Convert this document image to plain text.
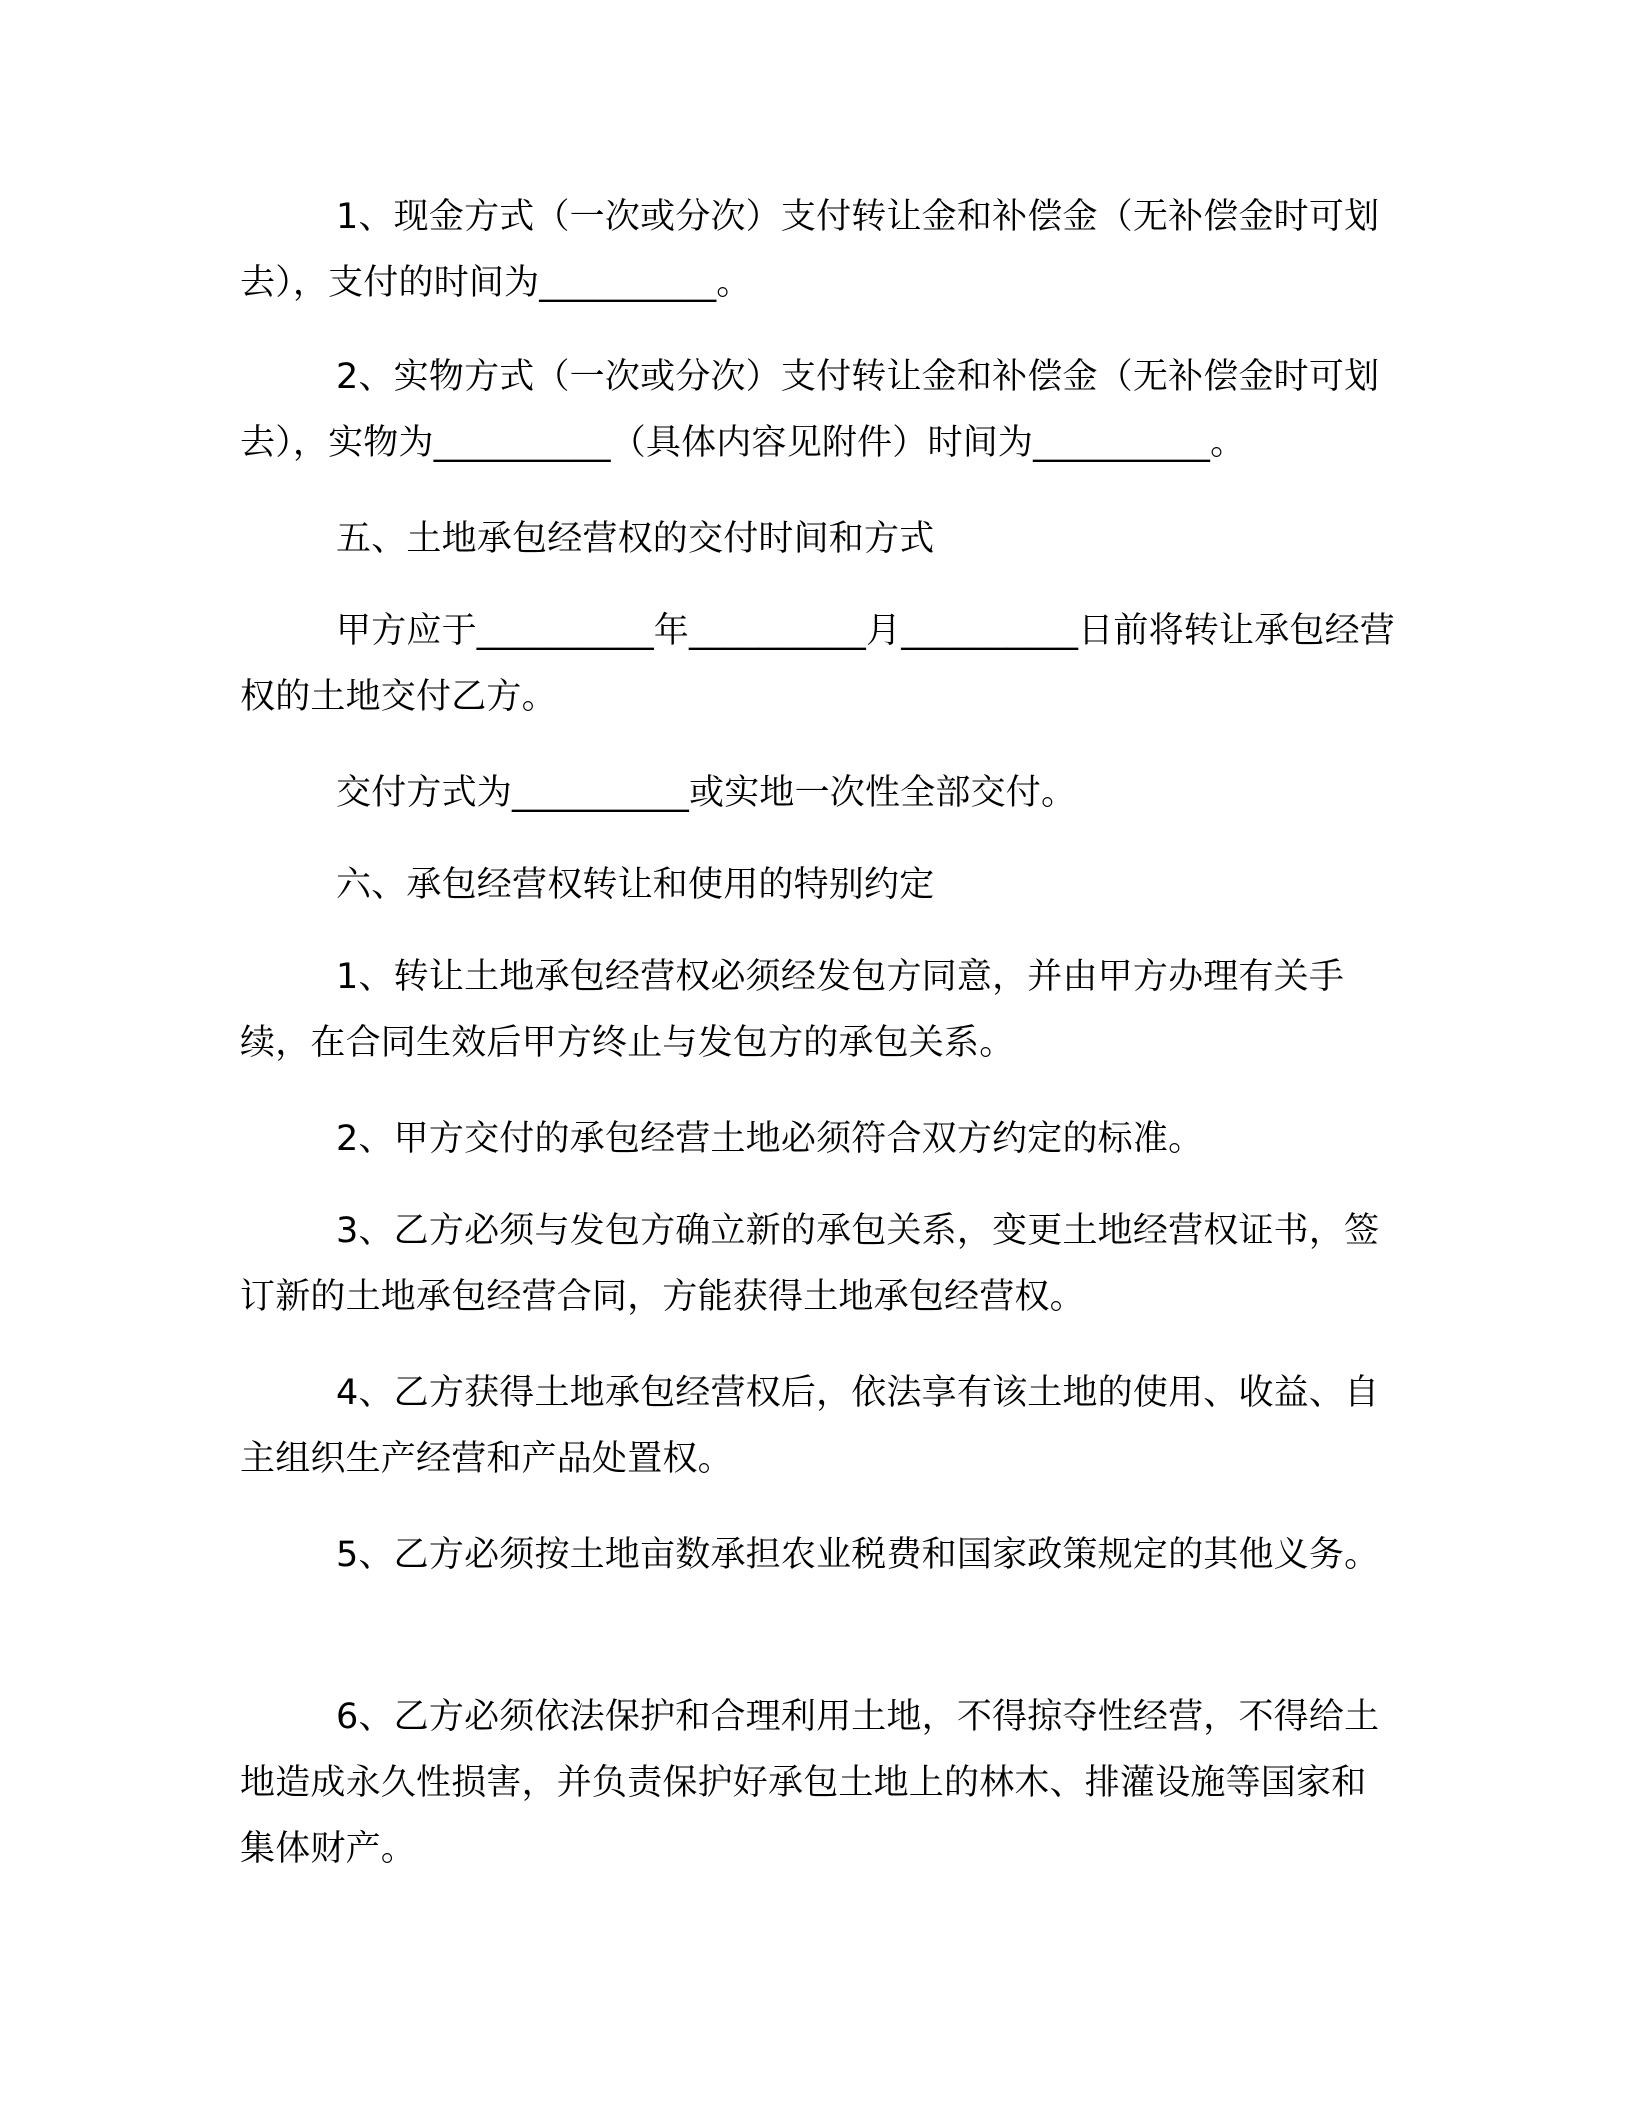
1、现金方式（一次或分次）支付转让金和补偿金（无补偿金时可划去），支付的时间为__________。

2、实物方式（一次或分次）支付转让金和补偿金（无补偿金时可划去），实物为__________（具体内容见附件）时间为__________。

五、土地承包经营权的交付时间和方式

甲方应于__________年__________月__________日前将转让承包经营权的土地交付乙方。

交付方式为__________或实地一次性全部交付。

六、承包经营权转让和使用的特别约定

1、转让土地承包经营权必须经发包方同意，并由甲方办理有关手续，在合同生效后甲方终止与发包方的承包关系。

2、甲方交付的承包经营土地必须符合双方约定的标准。

3、乙方必须与发包方确立新的承包关系，变更土地经营权证书，签订新的土地承包经营合同，方能获得土地承包经营权。

4、乙方获得土地承包经营权后，依法享有该土地的使用、收益、自主组织生产经营和产品处置权。

5、乙方必须按土地亩数承担农业税费和国家政策规定的其他义务。

6、乙方必须依法保护和合理利用土地，不得掠夺性经营，不得给土地造成永久性损害，并负责保护好承包土地上的林木、排灌设施等国家和集体财产。
